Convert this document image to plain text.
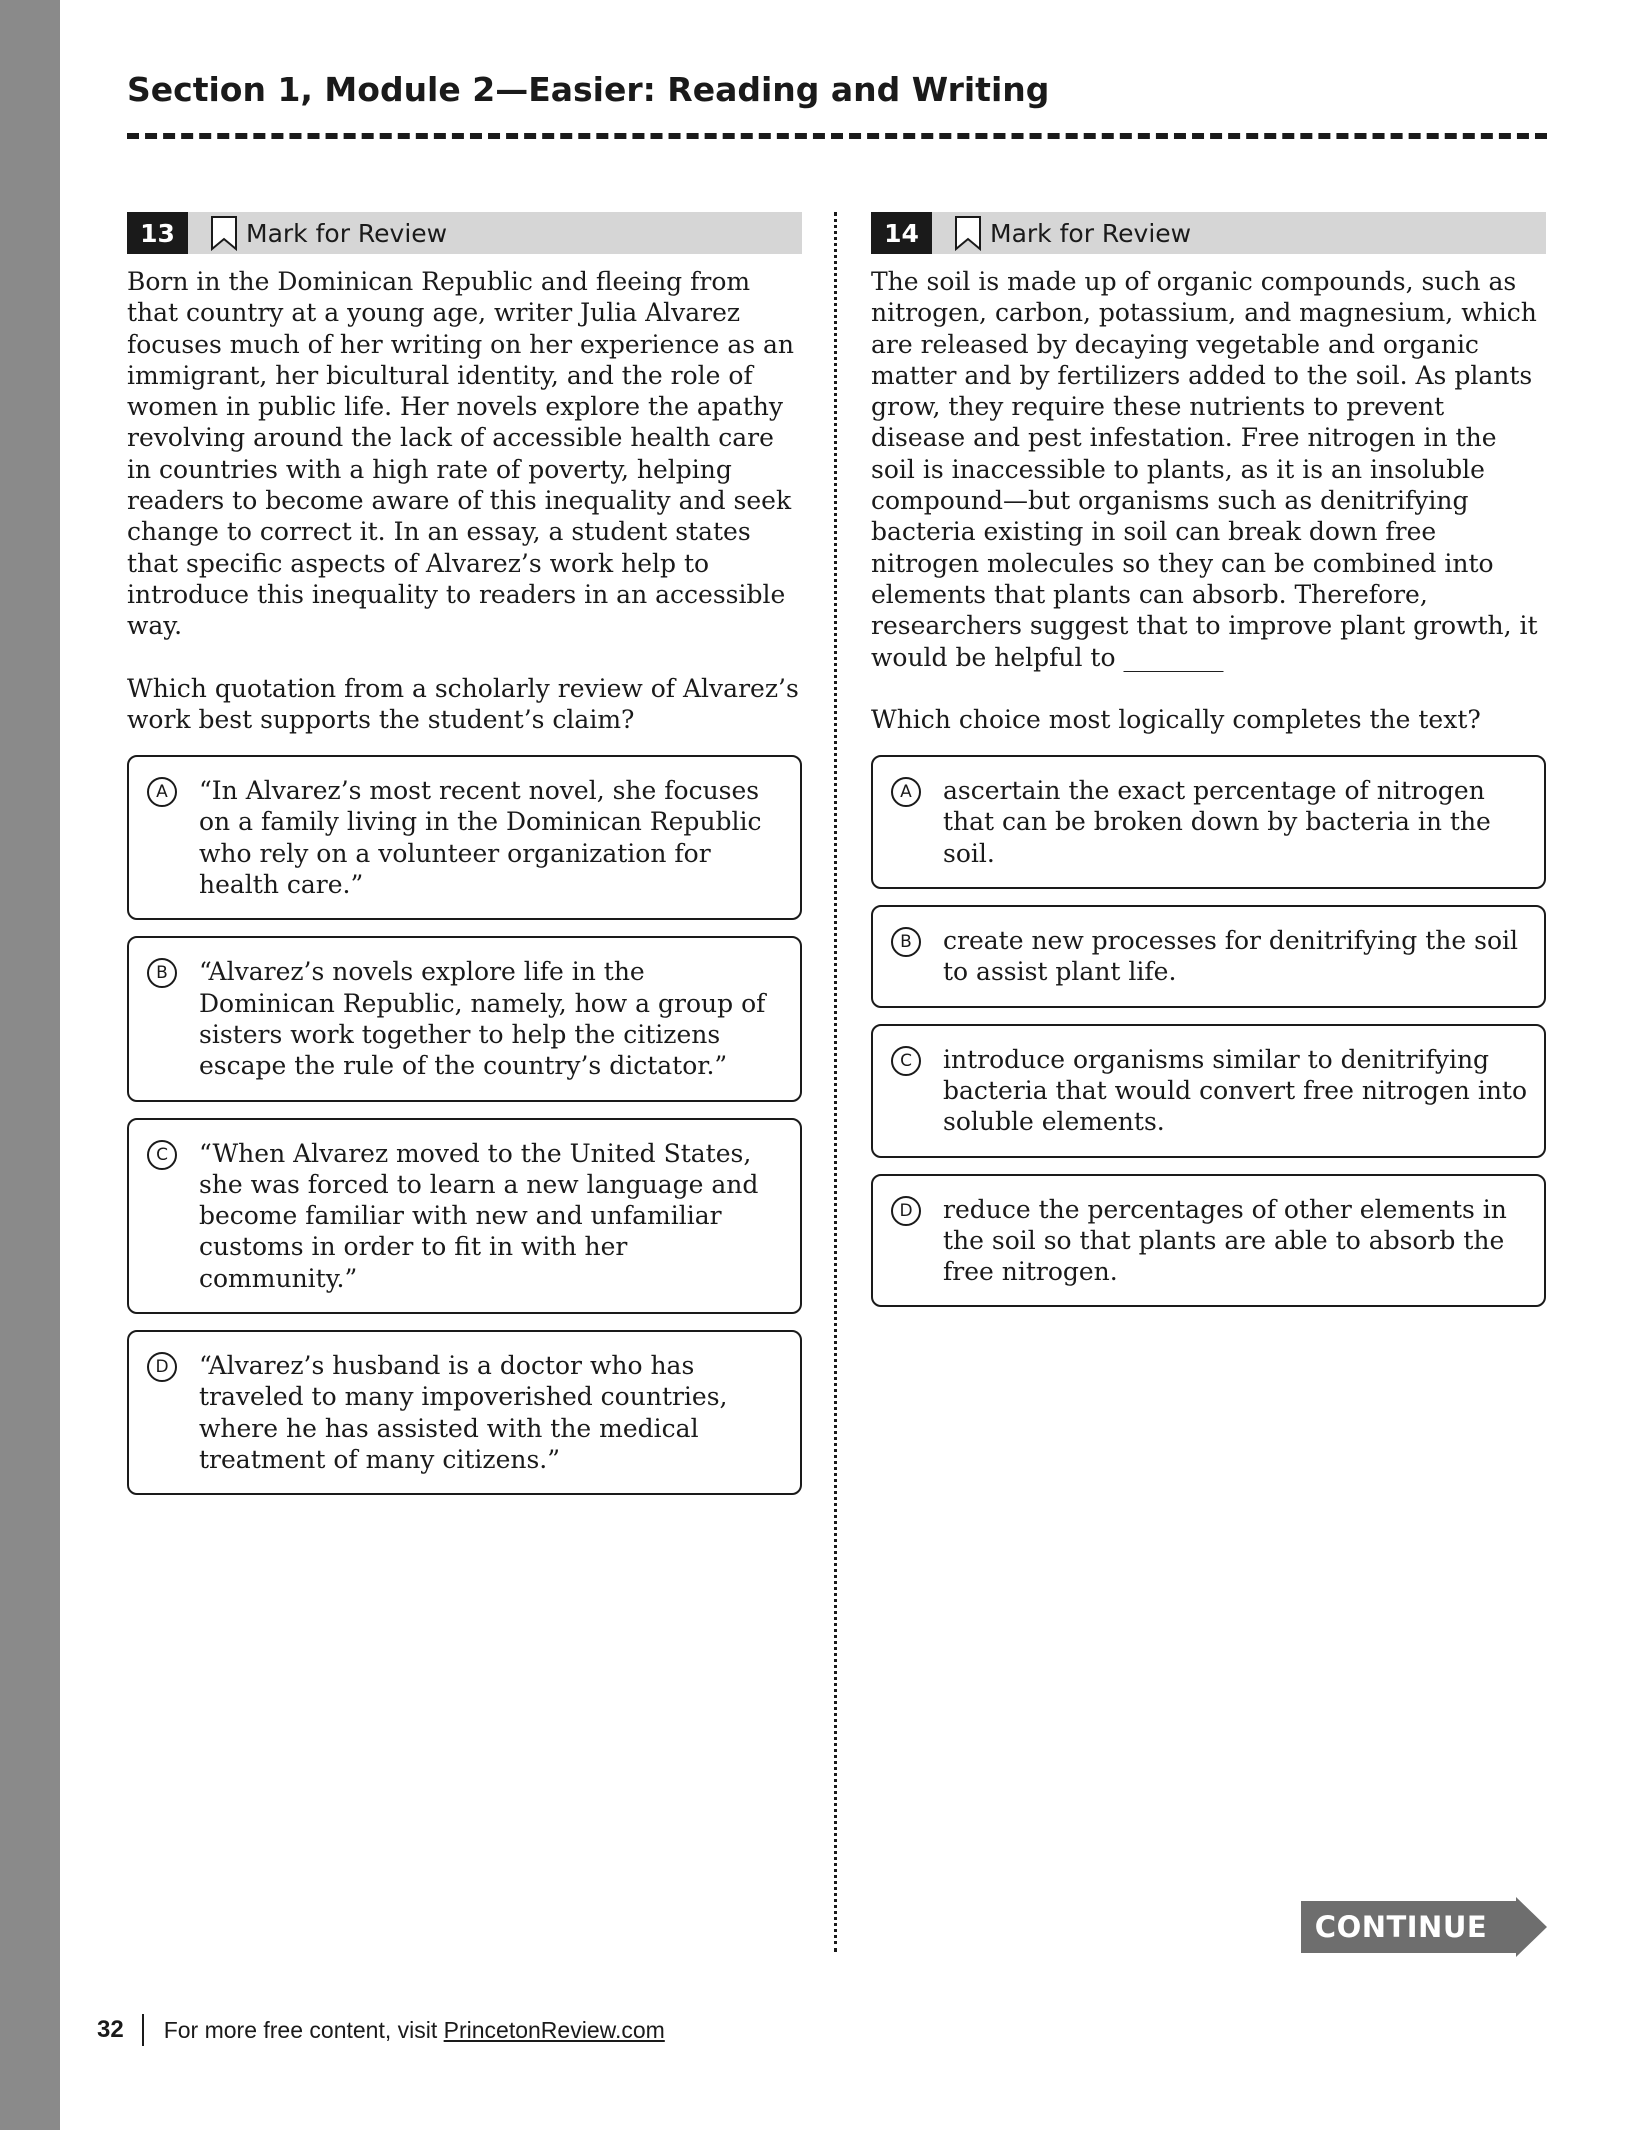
Section 1, Module 2—Easier: Reading and Writing
13	Mark for Review

Born in the Dominican Republic and fleeing from that country at a young age, writer Julia Alvarez focuses much of her writing on her experience as an immigrant, her bicultural identity, and the role of women in public life. Her novels explore the apathy revolving around the lack of accessible health care in countries with a high rate of poverty, helping readers to become aware of this inequality and seek change to correct it. In an essay, a student states that specific aspects of Alvarez’s work help to introduce this inequality to readers in an accessible way.

Which quotation from a scholarly review of Alvarez’s work best supports the student’s claim?

A	“In Alvarez’s most recent novel, she focuses on a family living in the Dominican Republic who rely on a volunteer organization for health care.”
B	“Alvarez’s novels explore life in the Dominican Republic, namely, how a group of sisters work together to help the citizens escape the rule of the country’s dictator.”
C	“When Alvarez moved to the United States, she was forced to learn a new language and become familiar with new and unfamiliar customs in order to fit in with her community.”
D	“Alvarez’s husband is a doctor who has traveled to many impoverished countries, where he has assisted with the medical treatment of many citizens.”
14	Mark for Review

The soil is made up of organic compounds, such as nitrogen, carbon, potassium, and magnesium, which are released by decaying vegetable and organic matter and by fertilizers added to the soil. As plants grow, they require these nutrients to prevent disease and pest infestation. Free nitrogen in the soil is inaccessible to plants, as it is an insoluble compound—but organisms such as denitrifying bacteria existing in soil can break down free nitrogen molecules so they can be combined into elements that plants can absorb. Therefore, researchers suggest that to improve plant growth, it would be helpful to ________

Which choice most logically completes the text?

A	ascertain the exact percentage of nitrogen that can be broken down by bacteria in the soil.
B	create new processes for denitrifying the soil to assist plant life.
C	introduce organisms similar to denitrifying bacteria that would convert free nitrogen into soluble elements.
D	reduce the percentages of other elements in the soil so that plants are able to absorb the free nitrogen.
CONTINUE
32 For more free content, visit PrincetonReview.com
